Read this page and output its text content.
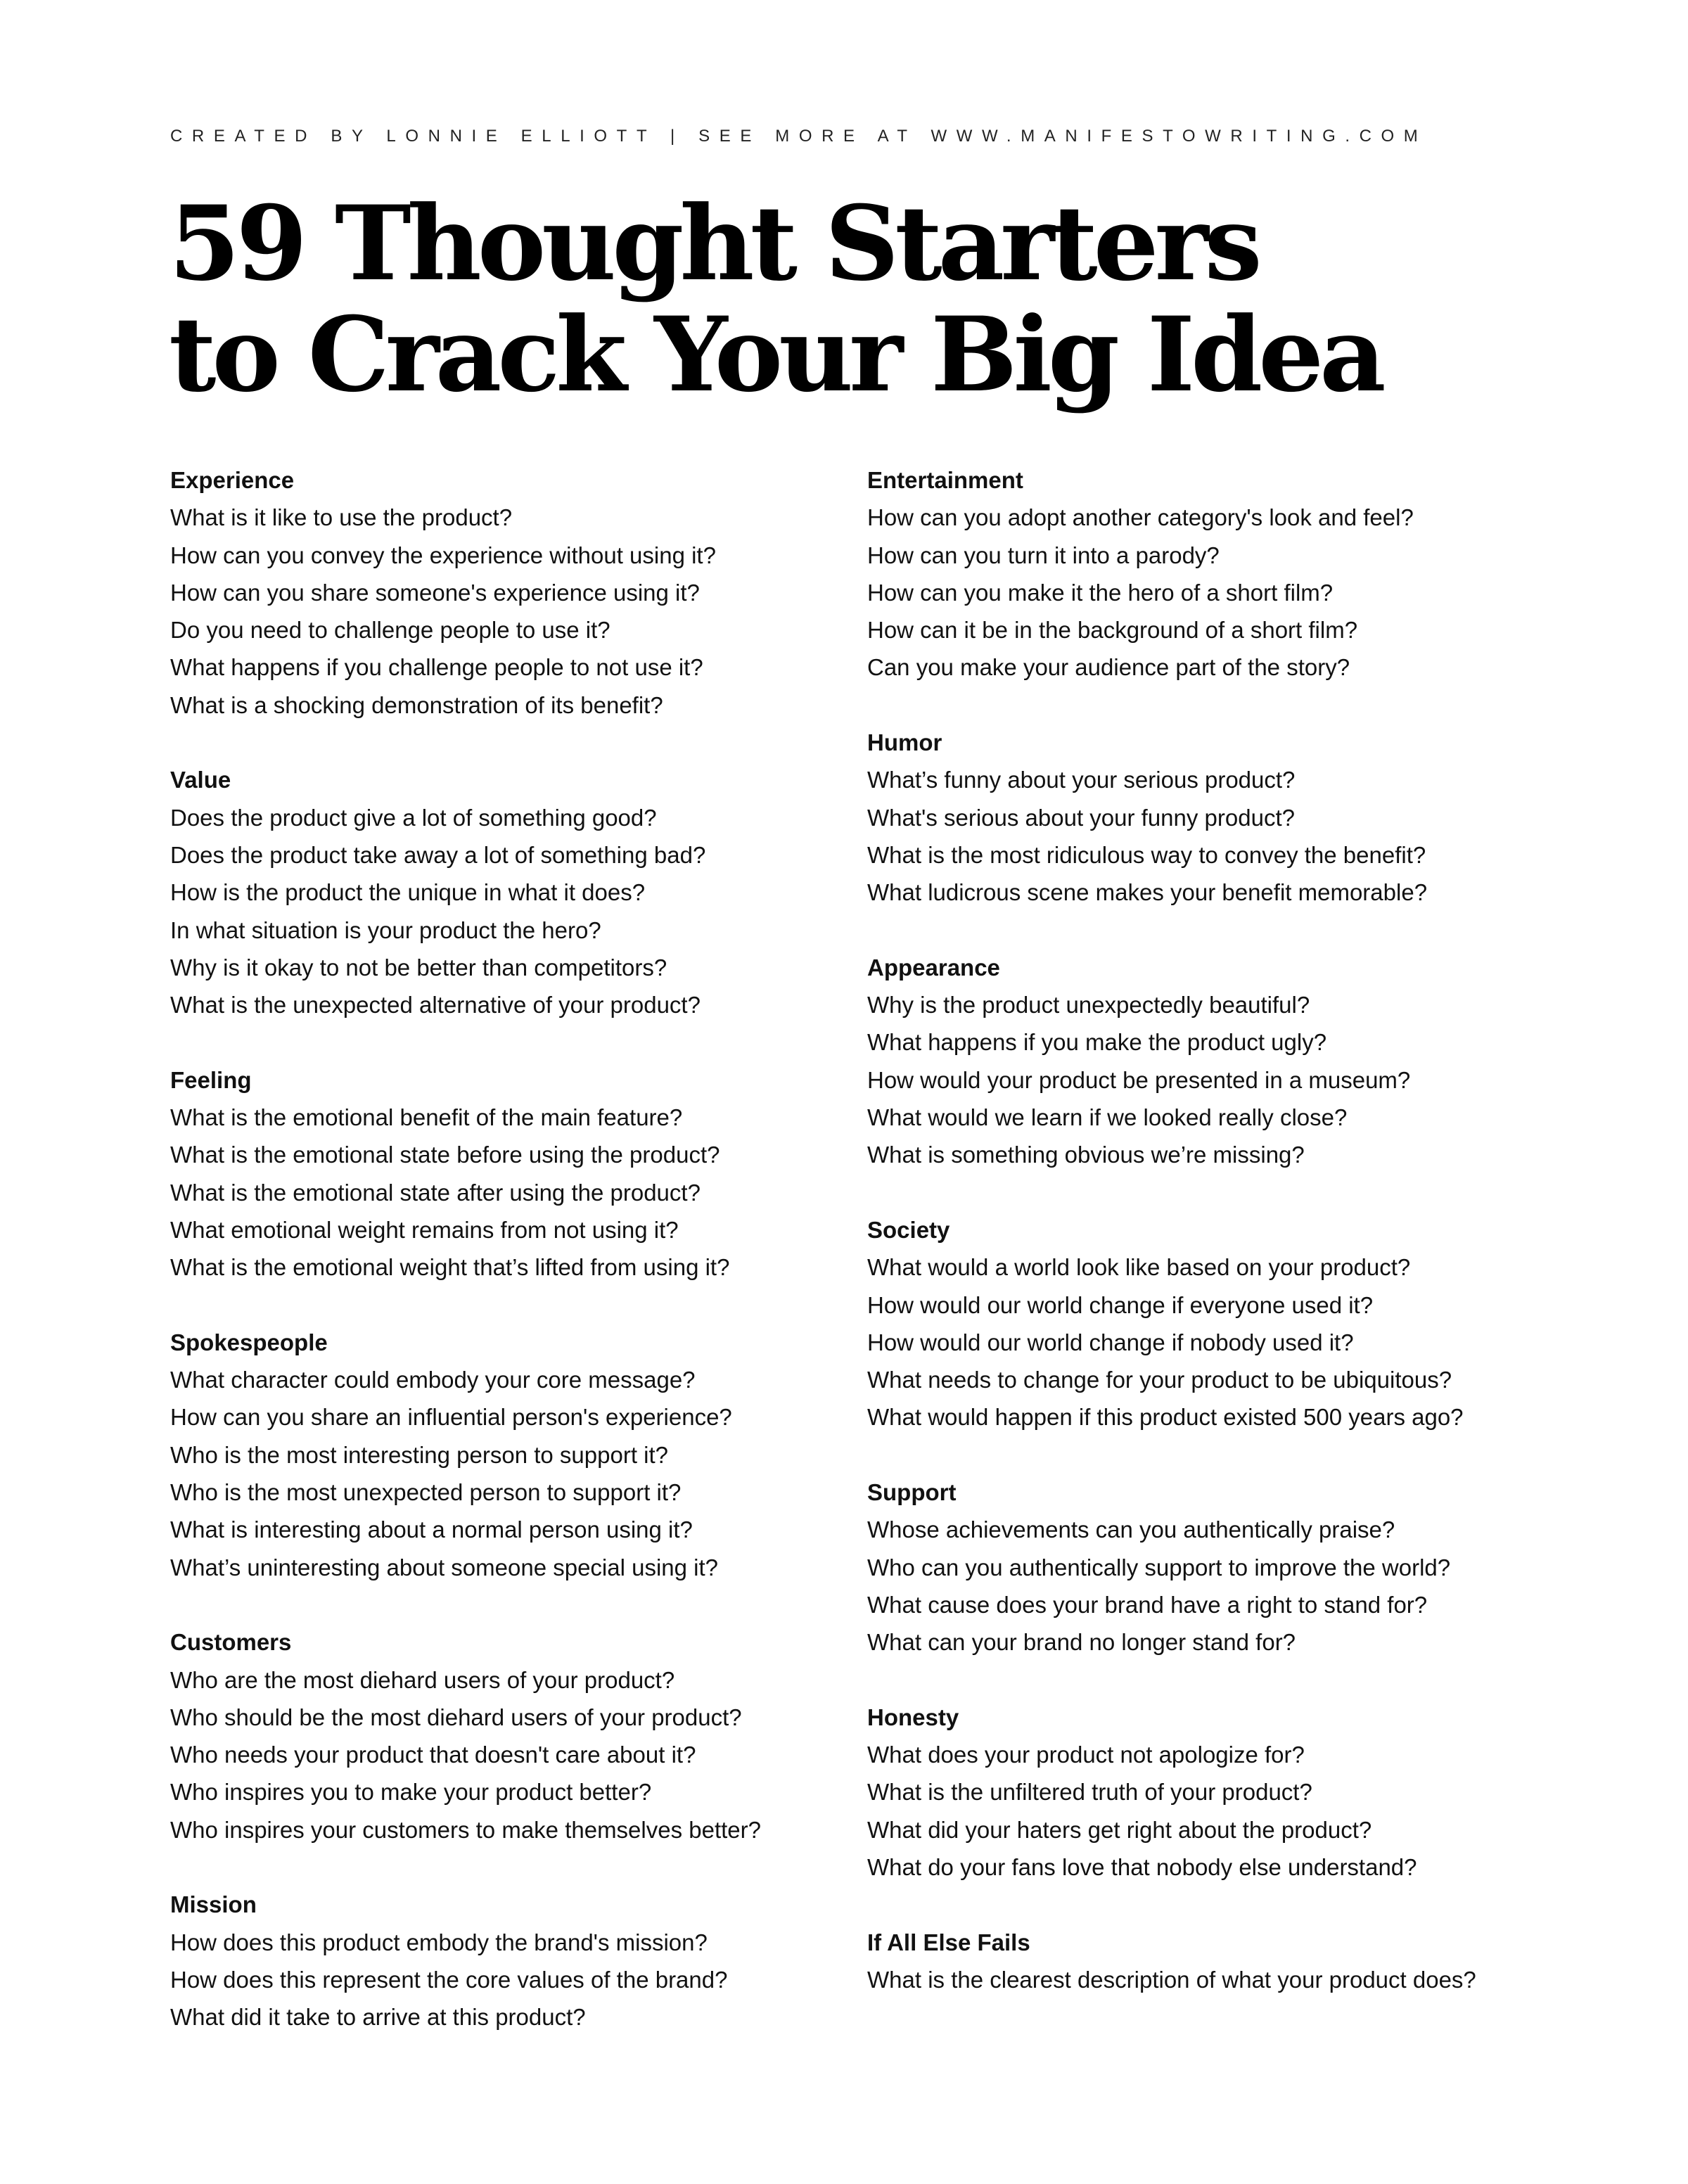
CREATED BY LONNIE ELLIOTT | SEE MORE AT WWW.MANIFESTOWRITING.COM
59 Thought Starters
to Crack Your Big Idea
Experience
What is it like to use the product?
How can you convey the experience without using it?
How can you share someone's experience using it?
Do you need to challenge people to use it?
What happens if you challenge people to not use it?
What is a shocking demonstration of its benefit?
Value
Does the product give a lot of something good?
Does the product take away a lot of something bad?
How is the product the unique in what it does?
In what situation is your product the hero?
Why is it okay to not be better than competitors?
What is the unexpected alternative of your product?
Feeling
What is the emotional benefit of the main feature?
What is the emotional state before using the product?
What is the emotional state after using the product?
What emotional weight remains from not using it?
What is the emotional weight that’s lifted from using it?
Spokespeople
What character could embody your core message?
How can you share an influential person's experience?
Who is the most interesting person to support it?
Who is the most unexpected person to support it?
What is interesting about a normal person using it?
What’s uninteresting about someone special using it?
Customers
Who are the most diehard users of your product?
Who should be the most diehard users of your product?
Who needs your product that doesn't care about it?
Who inspires you to make your product better?
Who inspires your customers to make themselves better?
Mission
How does this product embody the brand's mission?
How does this represent the core values of the brand?
What did it take to arrive at this product?
Entertainment
How can you adopt another category's look and feel?
How can you turn it into a parody?
How can you make it the hero of a short film?
How can it be in the background of a short film?
Can you make your audience part of the story?
Humor
What’s funny about your serious product?
What's serious about your funny product?
What is the most ridiculous way to convey the benefit?
What ludicrous scene makes your benefit memorable?
Appearance
Why is the product unexpectedly beautiful?
What happens if you make the product ugly?
How would your product be presented in a museum?
What would we learn if we looked really close?
What is something obvious we’re missing?
Society
What would a world look like based on your product?
How would our world change if everyone used it?
How would our world change if nobody used it?
What needs to change for your product to be ubiquitous?
What would happen if this product existed 500 years ago?
Support
Whose achievements can you authentically praise?
Who can you authentically support to improve the world?
What cause does your brand have a right to stand for?
What can your brand no longer stand for?
Honesty
What does your product not apologize for?
What is the unfiltered truth of your product?
What did your haters get right about the product?
What do your fans love that nobody else understand?
If All Else Fails
What is the clearest description of what your product does?
